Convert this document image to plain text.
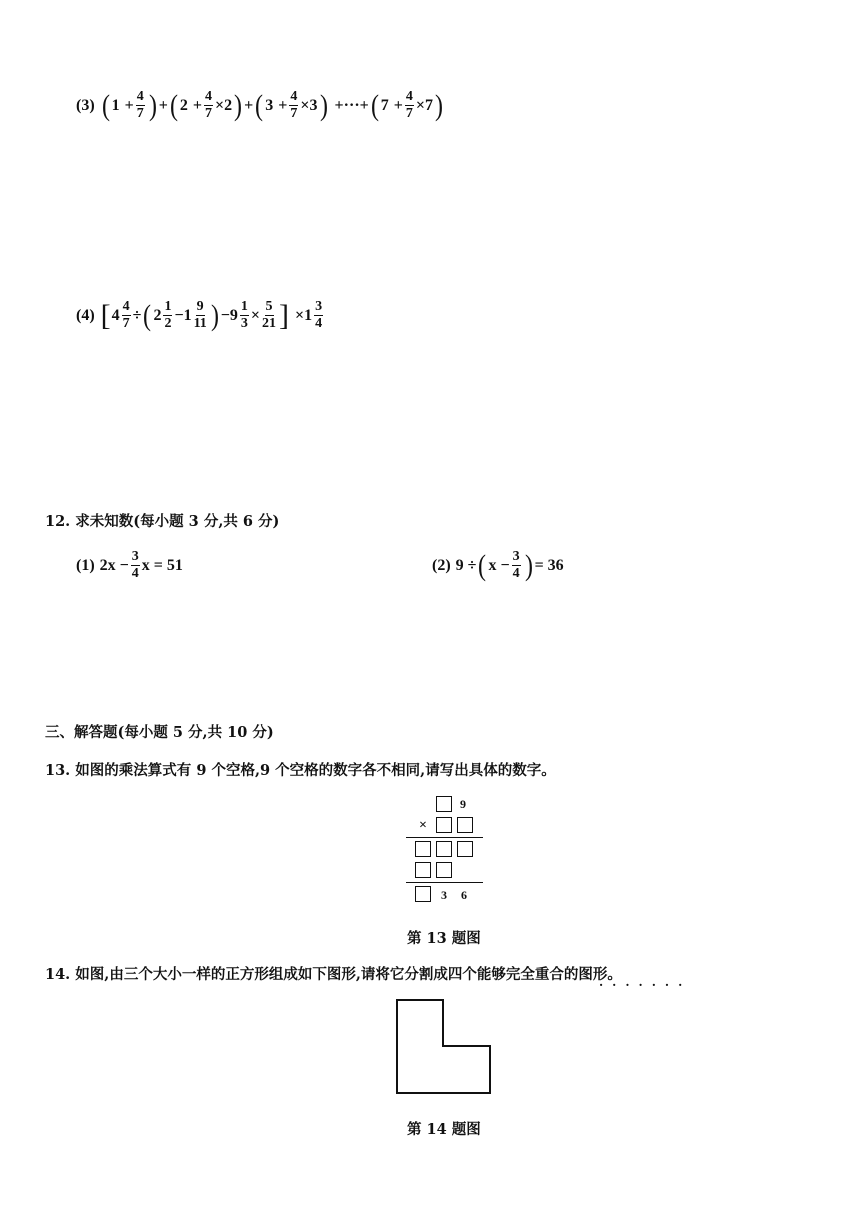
(3) ( $1 + \frac{4}{7}$ ) + ( $2 + \frac{4}{7} \times 2$ ) + ( $3 + \frac{4}{7} \times 3$ ) + ··· + ( $7 + \frac{4}{7} \times 7$ )
(4) [ $4 \frac{4}{7}$ ÷ ( $2 \frac{1}{2} - 1 \frac{9}{11}$ ) $-9 \frac{1}{3} \times \frac{5}{21}$ ] × $1 \frac{3}{4}$
12. 求未知数(每小题 3 分,共 6 分)
(1) $2x - \frac{3}{4}$ x = 51	(2) 9 ÷ ( $x - \frac{3}{4}$ ) = 36
三、解答题(每小题 5 分,共 10 分)
13. 如图的乘法算式有 9 个空格,9 个空格的数字各不相同,请写出具体的数字。
9
×
3 6
第 13 题图
14. 如图,由三个大小一样的正方形组成如下图形,请将它分割成四个能够完全重合的图形。
·······
第 14 题图
